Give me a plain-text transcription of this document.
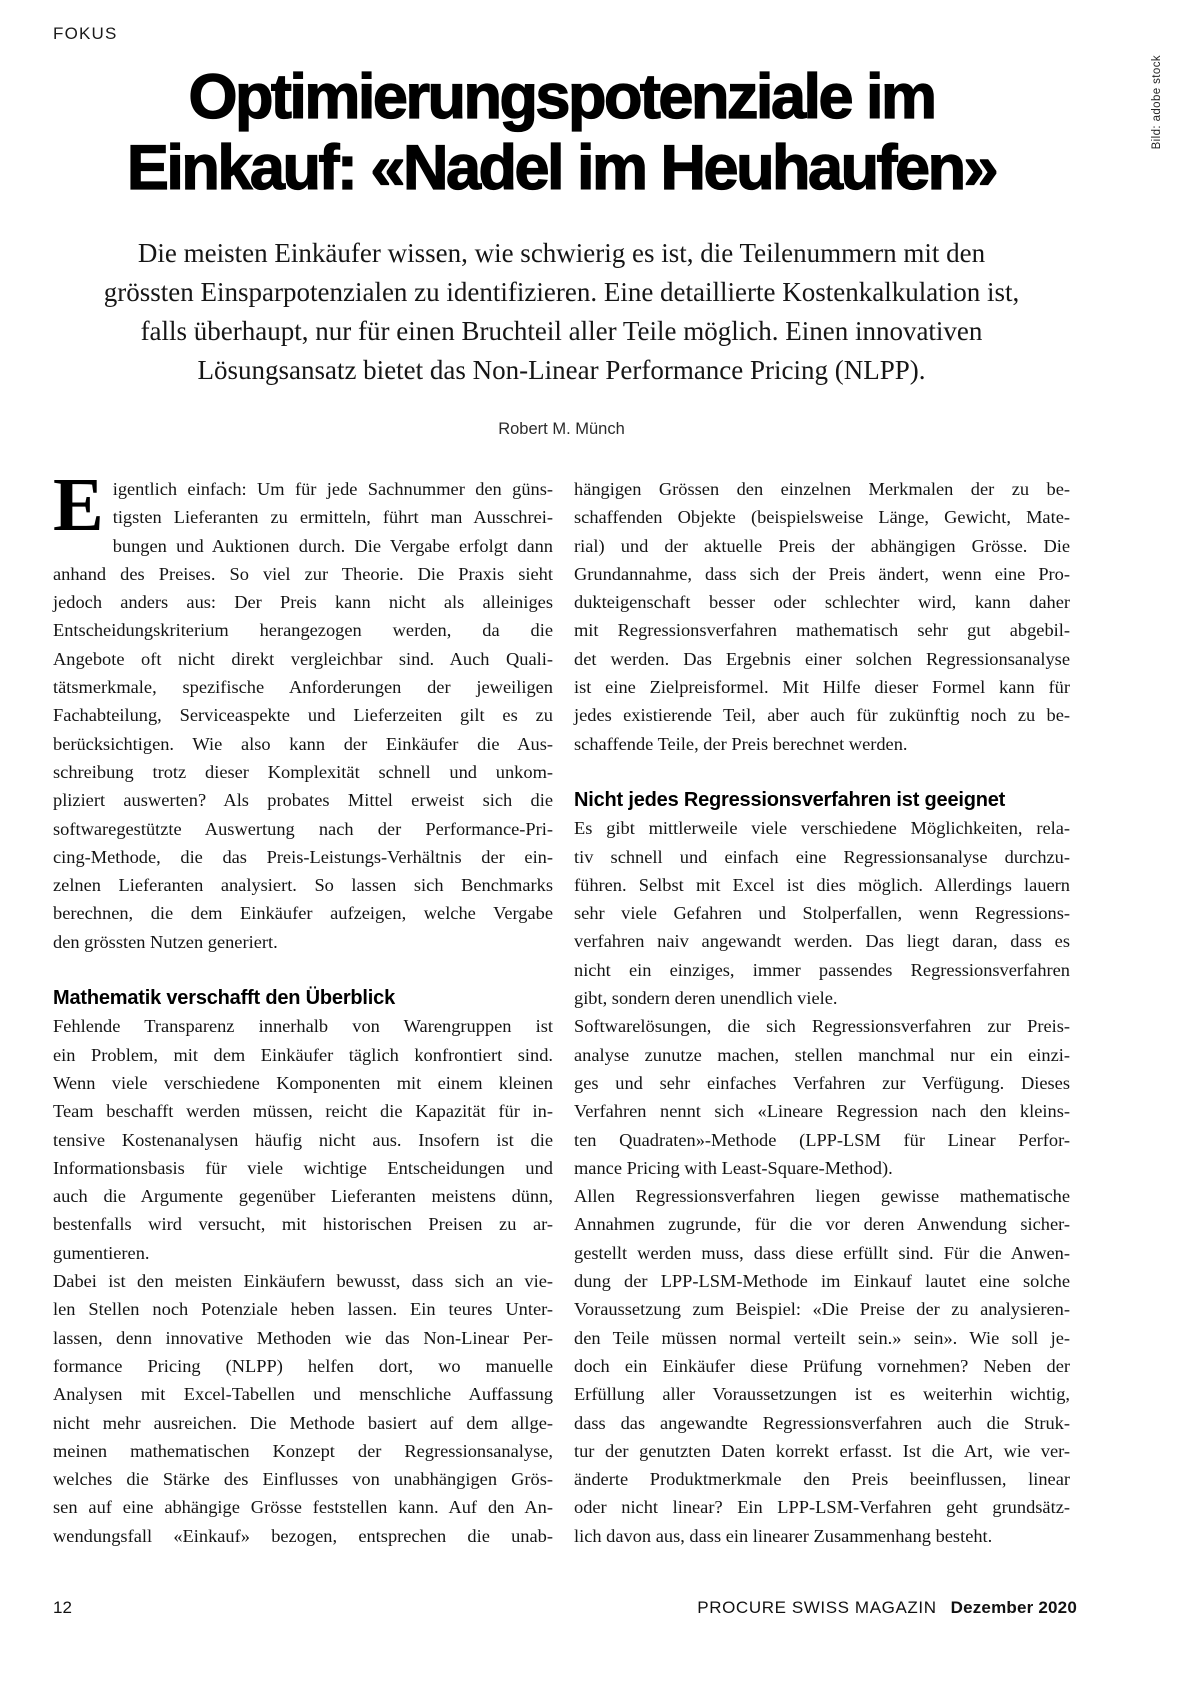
FOKUS
Optimierungspotenziale im
Einkauf: «Nadel im Heuhaufen»
Die meisten Einkäufer wissen, wie schwierig es ist, die Teilenummern mit den
grössten Einsparpotenzialen zu identifizieren. Eine detaillierte Kostenkalkulation ist,
falls überhaupt, nur für einen Bruchteil aller Teile möglich. Einen innovativen
Lösungsansatz bietet das Non-Linear Performance Pricing (NLPP).
Robert M. Münch
E igentlich einfach: Um für jede Sachnummer den güns-
tigsten Lieferanten zu ermitteln, führt man Ausschrei-
bungen und Auktionen durch. Die Vergabe erfolgt dann
anhand des Preises. So viel zur Theorie. Die Praxis sieht
jedoch anders aus: Der Preis kann nicht als alleiniges
Entscheidungskriterium herangezogen werden, da die
Angebote oft nicht direkt vergleichbar sind. Auch Quali-
tätsmerkmale, spezifische Anforderungen der jeweiligen
Fachabteilung, Serviceaspekte und Lieferzeiten gilt es zu
berücksichtigen. Wie also kann der Einkäufer die Aus-
schreibung trotz dieser Komplexität schnell und unkom-
pliziert auswerten? Als probates Mittel erweist sich die
softwaregestützte Auswertung nach der Performance-Pri-
cing-Methode, die das Preis-Leistungs-Verhältnis der ein-
zelnen Lieferanten analysiert. So lassen sich Benchmarks
berechnen, die dem Einkäufer aufzeigen, welche Vergabe
den grössten Nutzen generiert.
Mathematik verschafft den Überblick
Fehlende Transparenz innerhalb von Warengruppen ist
ein Problem, mit dem Einkäufer täglich konfrontiert sind.
Wenn viele verschiedene Komponenten mit einem kleinen
Team beschafft werden müssen, reicht die Kapazität für in-
tensive Kostenanalysen häufig nicht aus. Insofern ist die
Informationsbasis für viele wichtige Entscheidungen und
auch die Argumente gegenüber Lieferanten meistens dünn,
bestenfalls wird versucht, mit historischen Preisen zu ar-
gumentieren.
Dabei ist den meisten Einkäufern bewusst, dass sich an vie-
len Stellen noch Potenziale heben lassen. Ein teures Unter-
lassen, denn innovative Methoden wie das Non-Linear Per-
formance Pricing (NLPP) helfen dort, wo manuelle
Analysen mit Excel-Tabellen und menschliche Auffassung
nicht mehr ausreichen. Die Methode basiert auf dem allge-
meinen mathematischen Konzept der Regressionsanalyse,
welches die Stärke des Einflusses von unabhängigen Grös-
sen auf eine abhängige Grösse feststellen kann. Auf den An-
wendungsfall «Einkauf» bezogen, entsprechen die unab-
hängigen Grössen den einzelnen Merkmalen der zu be-
schaffenden Objekte (beispielsweise Länge, Gewicht, Mate-
rial) und der aktuelle Preis der abhängigen Grösse. Die
Grundannahme, dass sich der Preis ändert, wenn eine Pro-
dukteigenschaft besser oder schlechter wird, kann daher
mit Regressionsverfahren mathematisch sehr gut abgebil-
det werden. Das Ergebnis einer solchen Regressionsanalyse
ist eine Zielpreisformel. Mit Hilfe dieser Formel kann für
jedes existierende Teil, aber auch für zukünftig noch zu be-
schaffende Teile, der Preis berechnet werden.
Nicht jedes Regressionsverfahren ist geeignet
Es gibt mittlerweile viele verschiedene Möglichkeiten, rela-
tiv schnell und einfach eine Regressionsanalyse durchzu-
führen. Selbst mit Excel ist dies möglich. Allerdings lauern
sehr viele Gefahren und Stolperfallen, wenn Regressions-
verfahren naiv angewandt werden. Das liegt daran, dass es
nicht ein einziges, immer passendes Regressionsverfahren
gibt, sondern deren unendlich viele.
Softwarelösungen, die sich Regressionsverfahren zur Preis-
analyse zunutze machen, stellen manchmal nur ein einzi-
ges und sehr einfaches Verfahren zur Verfügung. Dieses
Verfahren nennt sich «Lineare Regression nach den kleins-
ten Quadraten»-Methode (LPP-LSM für Linear Perfor-
mance Pricing with Least-Square-Method).
Allen Regressionsverfahren liegen gewisse mathematische
Annahmen zugrunde, für die vor deren Anwendung sicher-
gestellt werden muss, dass diese erfüllt sind. Für die Anwen-
dung der LPP-LSM-Methode im Einkauf lautet eine solche
Voraussetzung zum Beispiel: «Die Preise der zu analysieren-
den Teile müssen normal verteilt sein.» sein». Wie soll je-
doch ein Einkäufer diese Prüfung vornehmen? Neben der
Erfüllung aller Voraussetzungen ist es weiterhin wichtig,
dass das angewandte Regressionsverfahren auch die Struk-
tur der genutzten Daten korrekt erfasst. Ist die Art, wie ver-
änderte Produktmerkmale den Preis beeinflussen, linear
oder nicht linear? Ein LPP-LSM-Verfahren geht grundsätz-
lich davon aus, dass ein linearer Zusammenhang besteht.
Bild: adobe stock
12	PROCURE SWISS MAGAZIN Dezember 2020
